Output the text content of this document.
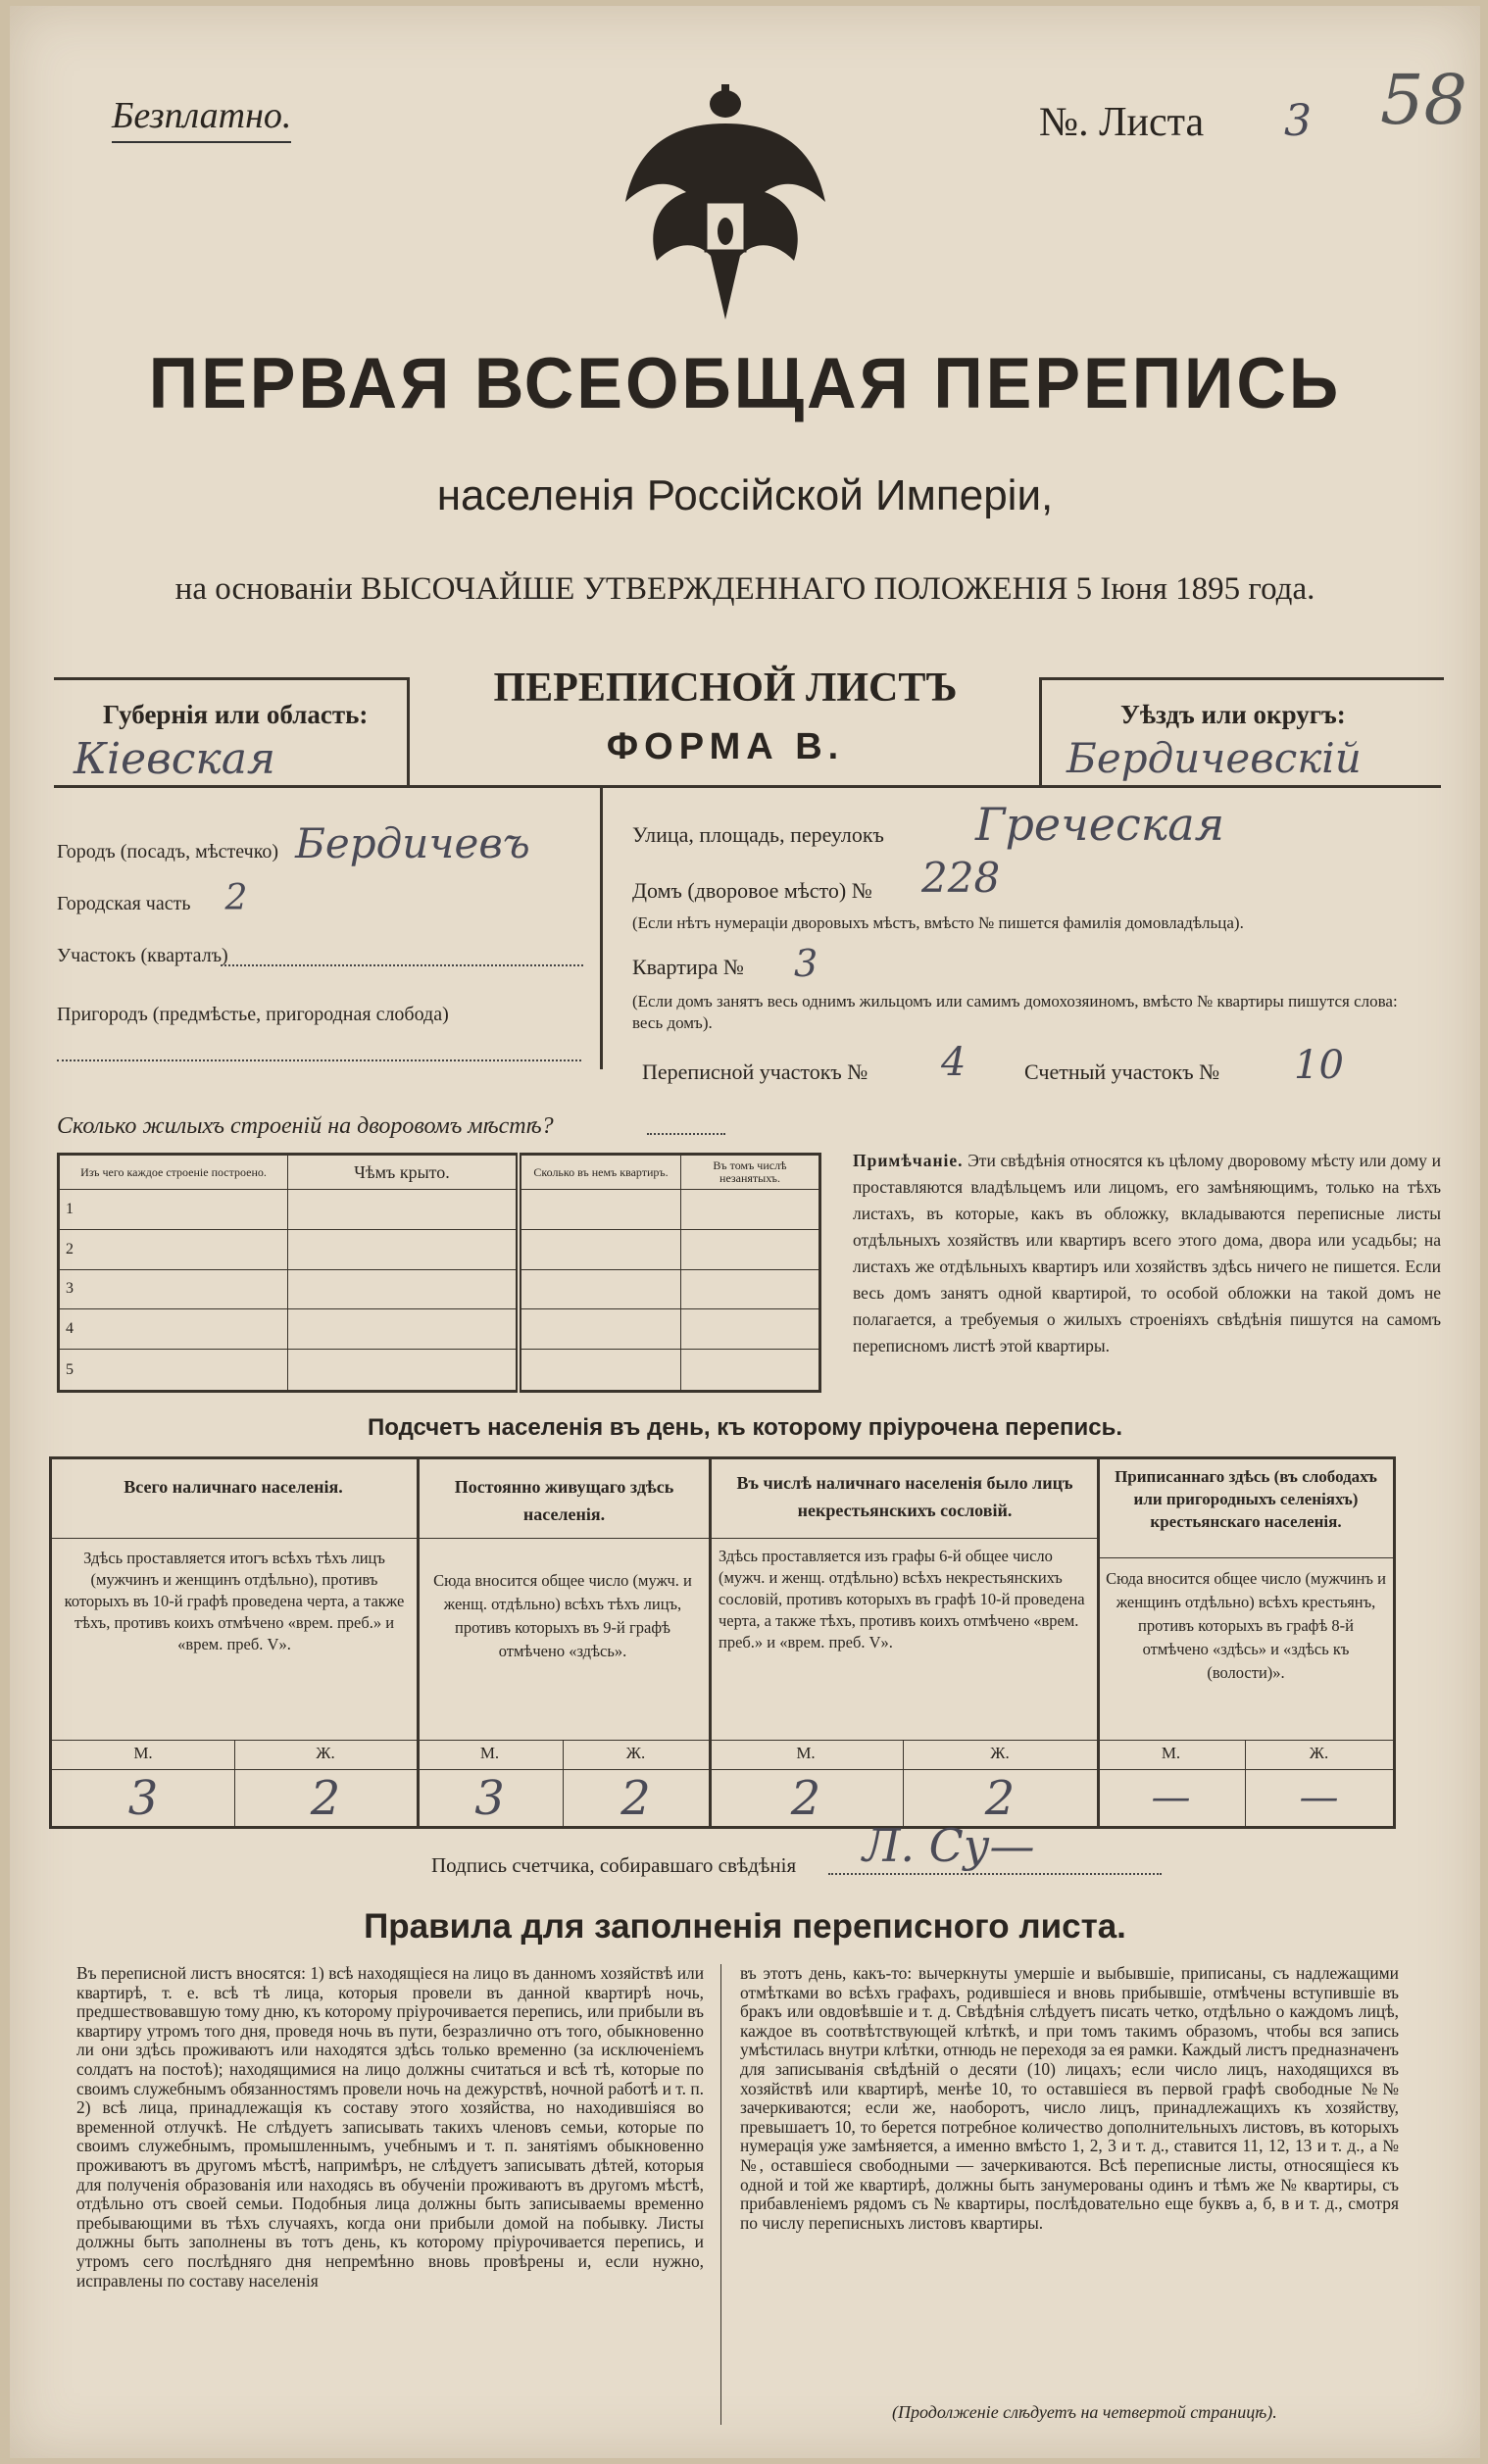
Безплатно.	№. Листа 3 58
ПЕРВАЯ ВСЕОБЩАЯ ПЕРЕПИСЬ
населенія Россійской Имперіи,
на основаніи ВЫСОЧАЙШЕ УТВЕРЖДЕННАГО ПОЛОЖЕНІЯ 5 Іюня 1895 года.
Губернія или область:
Кіевская
ПЕРЕПИСНОЙ ЛИСТЪ
ФОРМА В.
Уѣздъ или округъ:
Бердичевскій
Городъ (посадъ, мѣстечко) Бердичевъ
Городская часть 2
Участокъ (кварталъ)
Пригородъ (предмѣстье, пригородная слобода)
Улица, площадь, переулокъ Греческая
Домъ (дворовое мѣсто) № 228
(Если нѣтъ нумераціи дворовыхъ мѣстъ, вмѣсто № пишется фамилія домовладѣльца).
Квартира № 3
(Если домъ занятъ весь однимъ жильцомъ или самимъ домохозяиномъ, вмѣсто № квартиры пишутся слова: весь домъ).
Переписной участокъ № 4	Счетный участокъ № 10
Сколько жилыхъ строеній на дворовомъ мѣстѣ?
Изъ чего каждое строеніе построено.	Чѣмъ крыто.	Сколько въ немъ квартиръ.	Въ томъ числѣ незанятыхъ.
1			
2			
3			
4			
5			
Примѣчаніе. Эти свѣдѣнія относятся къ цѣлому дворовому мѣсту или дому и проставляются владѣльцемъ или лицомъ, его замѣняющимъ, только на тѣхъ листахъ, въ которые, какъ въ обложку, вкладываются переписные листы отдѣльныхъ хозяйствъ или квартиръ всего этого дома, двора или усадьбы; на листахъ же отдѣльныхъ квартиръ или хозяйствъ здѣсь ничего не пишется. Если весь домъ занятъ одной квартирой, то особой обложки на такой домъ не полагается, а требуемыя о жилыхъ строеніяхъ свѣдѣнія пишутся на самомъ переписномъ листѣ этой квартиры.
Подсчетъ населенія въ день, къ которому пріурочена перепись.
Всего наличнаго населенія.
Здѣсь проставляется итогъ всѣхъ тѣхъ лицъ (мужчинъ и женщинъ отдѣльно), противъ которыхъ въ 10-й графѣ проведена черта, а также тѣхъ, противъ коихъ отмѣчено «врем. преб.» и «врем. преб. V».
М.	Ж.
3	2
Постоянно живущаго здѣсь населенія.
Сюда вносится общее число (мужч. и женщ. отдѣльно) всѣхъ тѣхъ лицъ, противъ которыхъ въ 9-й графѣ отмѣчено «здѣсь».
М.	Ж.
3	2
Въ числѣ наличнаго населенія было лицъ некрестьянскихъ сословій.
Здѣсь проставляется изъ графы 6-й общее число (мужч. и женщ. отдѣльно) всѣхъ некрестьянскихъ сословій, противъ которыхъ въ графѣ 10-й проведена черта, а также тѣхъ, противъ коихъ отмѣчено «врем. преб.» и «врем. преб. V».
М.	Ж.
2	2
Приписаннаго здѣсь (въ слободахъ или пригородныхъ селеніяхъ) крестьянскаго населенія.
Сюда вносится общее число (мужчинъ и женщинъ отдѣльно) всѣхъ крестьянъ, противъ которыхъ въ графѣ 8-й отмѣчено «здѣсь» и «здѣсь къ (волости)».
М.	Ж.
—	—
Подпись счетчика, собиравшаго свѣдѣнія Л. Су—
Правила для заполненія переписного листа.
Въ переписной листъ вносятся: 1) всѣ находящіеся на лицо въ данномъ хозяйствѣ или квартирѣ, т. е. всѣ тѣ лица, которыя провели въ данной квартирѣ ночь, предшествовавшую тому дню, къ которому пріурочивается перепись, или прибыли въ квартиру утромъ того дня, проведя ночь въ пути, безразлично отъ того, обыкновенно ли они здѣсь проживаютъ или находятся здѣсь только временно (за исключеніемъ солдатъ на постоѣ); находящимися на лицо должны считаться и всѣ тѣ, которые по своимъ служебнымъ обязанностямъ провели ночь на дежурствѣ, ночной работѣ и т. п. 2) всѣ лица, принадлежащія къ составу этого хозяйства, но находившіяся во временной отлучкѣ. Не слѣдуетъ записывать такихъ членовъ семьи, которые по своимъ служебнымъ, промышленнымъ, учебнымъ и т. п. занятіямъ обыкновенно проживаютъ въ другомъ мѣстѣ, напримѣръ, не слѣдуетъ записывать дѣтей, которыя для полученія образованія или находясь въ обученіи проживаютъ въ другомъ мѣстѣ, отдѣльно отъ своей семьи. Подобныя лица должны быть записываемы временно пребывающими въ тѣхъ случаяхъ, когда они прибыли домой на побывку. Листы должны быть заполнены въ тотъ день, къ которому пріурочивается перепись, и утромъ сего послѣдняго дня непремѣнно вновь провѣрены и, если нужно, исправлены по составу населенія
въ этотъ день, какъ-то: вычеркнуты умершіе и выбывшіе, приписаны, съ надлежащими отмѣтками во всѣхъ графахъ, родившіеся и вновь прибывшіе, отмѣчены вступившіе въ бракъ или овдовѣвшіе и т. д. Свѣдѣнія слѣдуетъ писать четко, отдѣльно о каждомъ лицѣ, каждое въ соотвѣтствующей клѣткѣ, и при томъ такимъ образомъ, чтобы вся запись умѣстилась внутри клѣтки, отнюдь не переходя за ея рамки. Каждый листъ предназначенъ для записыванія свѣдѣній о десяти (10) лицахъ; если число лицъ, находящихся въ хозяйствѣ или квартирѣ, менѣе 10, то оставшіеся въ первой графѣ свободные №№ зачеркиваются; если же, наоборотъ, число лицъ, принадлежащихъ къ хозяйству, превышаетъ 10, то берется потребное количество дополнительныхъ листовъ, въ которыхъ нумерація уже замѣняется, а именно вмѣсто 1, 2, 3 и т. д., ставится 11, 12, 13 и т. д., а №№, оставшіеся свободными — зачеркиваются. Всѣ переписные листы, относящіеся къ одной и той же квартирѣ, должны быть занумерованы одинъ и тѣмъ же № квартиры, съ прибавленіемъ рядомъ съ № квартиры, послѣдовательно еще буквъ а, б, в и т. д., смотря по числу переписныхъ листовъ квартиры.
(Продолженіе слѣдуетъ на четвертой страницѣ).
